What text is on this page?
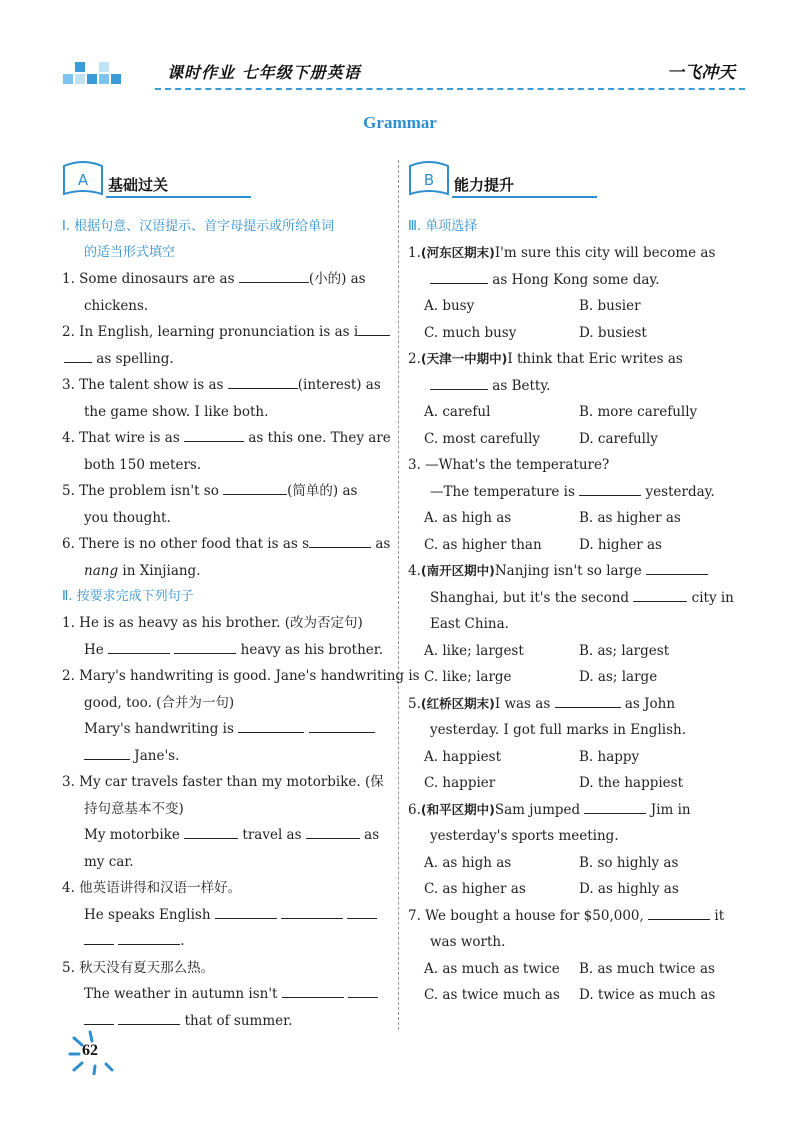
课时作业 七年级下册英语	一飞冲天
Grammar
A 基础过关
Ⅰ. 根据句意、汉语提示、首字母提示或所给单词
的适当形式填空
1. Some dinosaurs are as	(小的) as
chickens.
2. In English, learning pronunciation is as i
as spelling.
3. The talent show is as	(interest) as
the game show. I like both.
4. That wire is as	as this one. They are
both 150 meters.
5. The problem isn't so	(简单的) as
you thought.
6. There is no other food that is as s	as
nang in Xinjiang.
Ⅱ. 按要求完成下列句子
1. He is as heavy as his brother. (改为否定句)
He	heavy as his brother.
2. Mary's handwriting is good. Jane's handwriting is
good, too. (合并为一句)
Mary's handwriting is
Jane's.
3. My car travels faster than my motorbike. (保
持句意基本不变)
My motorbike	travel as	as
my car.
4. 他英语讲得和汉语一样好。
He speaks English
.
5. 秋天没有夏天那么热。
The weather in autumn isn't
that of summer.
B 能力提升
Ⅲ. 单项选择
1.(河东区期末)I'm sure this city will become as
as Hong Kong some day.
A. busy	B. busier
C. much busy	D. busiest
2.(天津一中期中)I think that Eric writes as
as Betty.
A. careful	B. more carefully
C. most carefully	D. carefully
3. —What's the temperature?
—The temperature is	yesterday.
A. as high as	B. as higher as
C. as higher than	D. higher as
4.(南开区期中)Nanjing isn't so large
Shanghai, but it's the second	city in
East China.
A. like; largest	B. as; largest
C. like; large	D. as; large
5.(红桥区期末)I was as	as John
yesterday. I got full marks in English.
A. happiest	B. happy
C. happier	D. the happiest
6.(和平区期中)Sam jumped	Jim in
yesterday's sports meeting.
A. as high as	B. so highly as
C. as higher as	D. as highly as
7. We bought a house for $50,000,	it
was worth.
A. as much as twice	B. as much twice as
C. as twice much as	D. twice as much as
62
